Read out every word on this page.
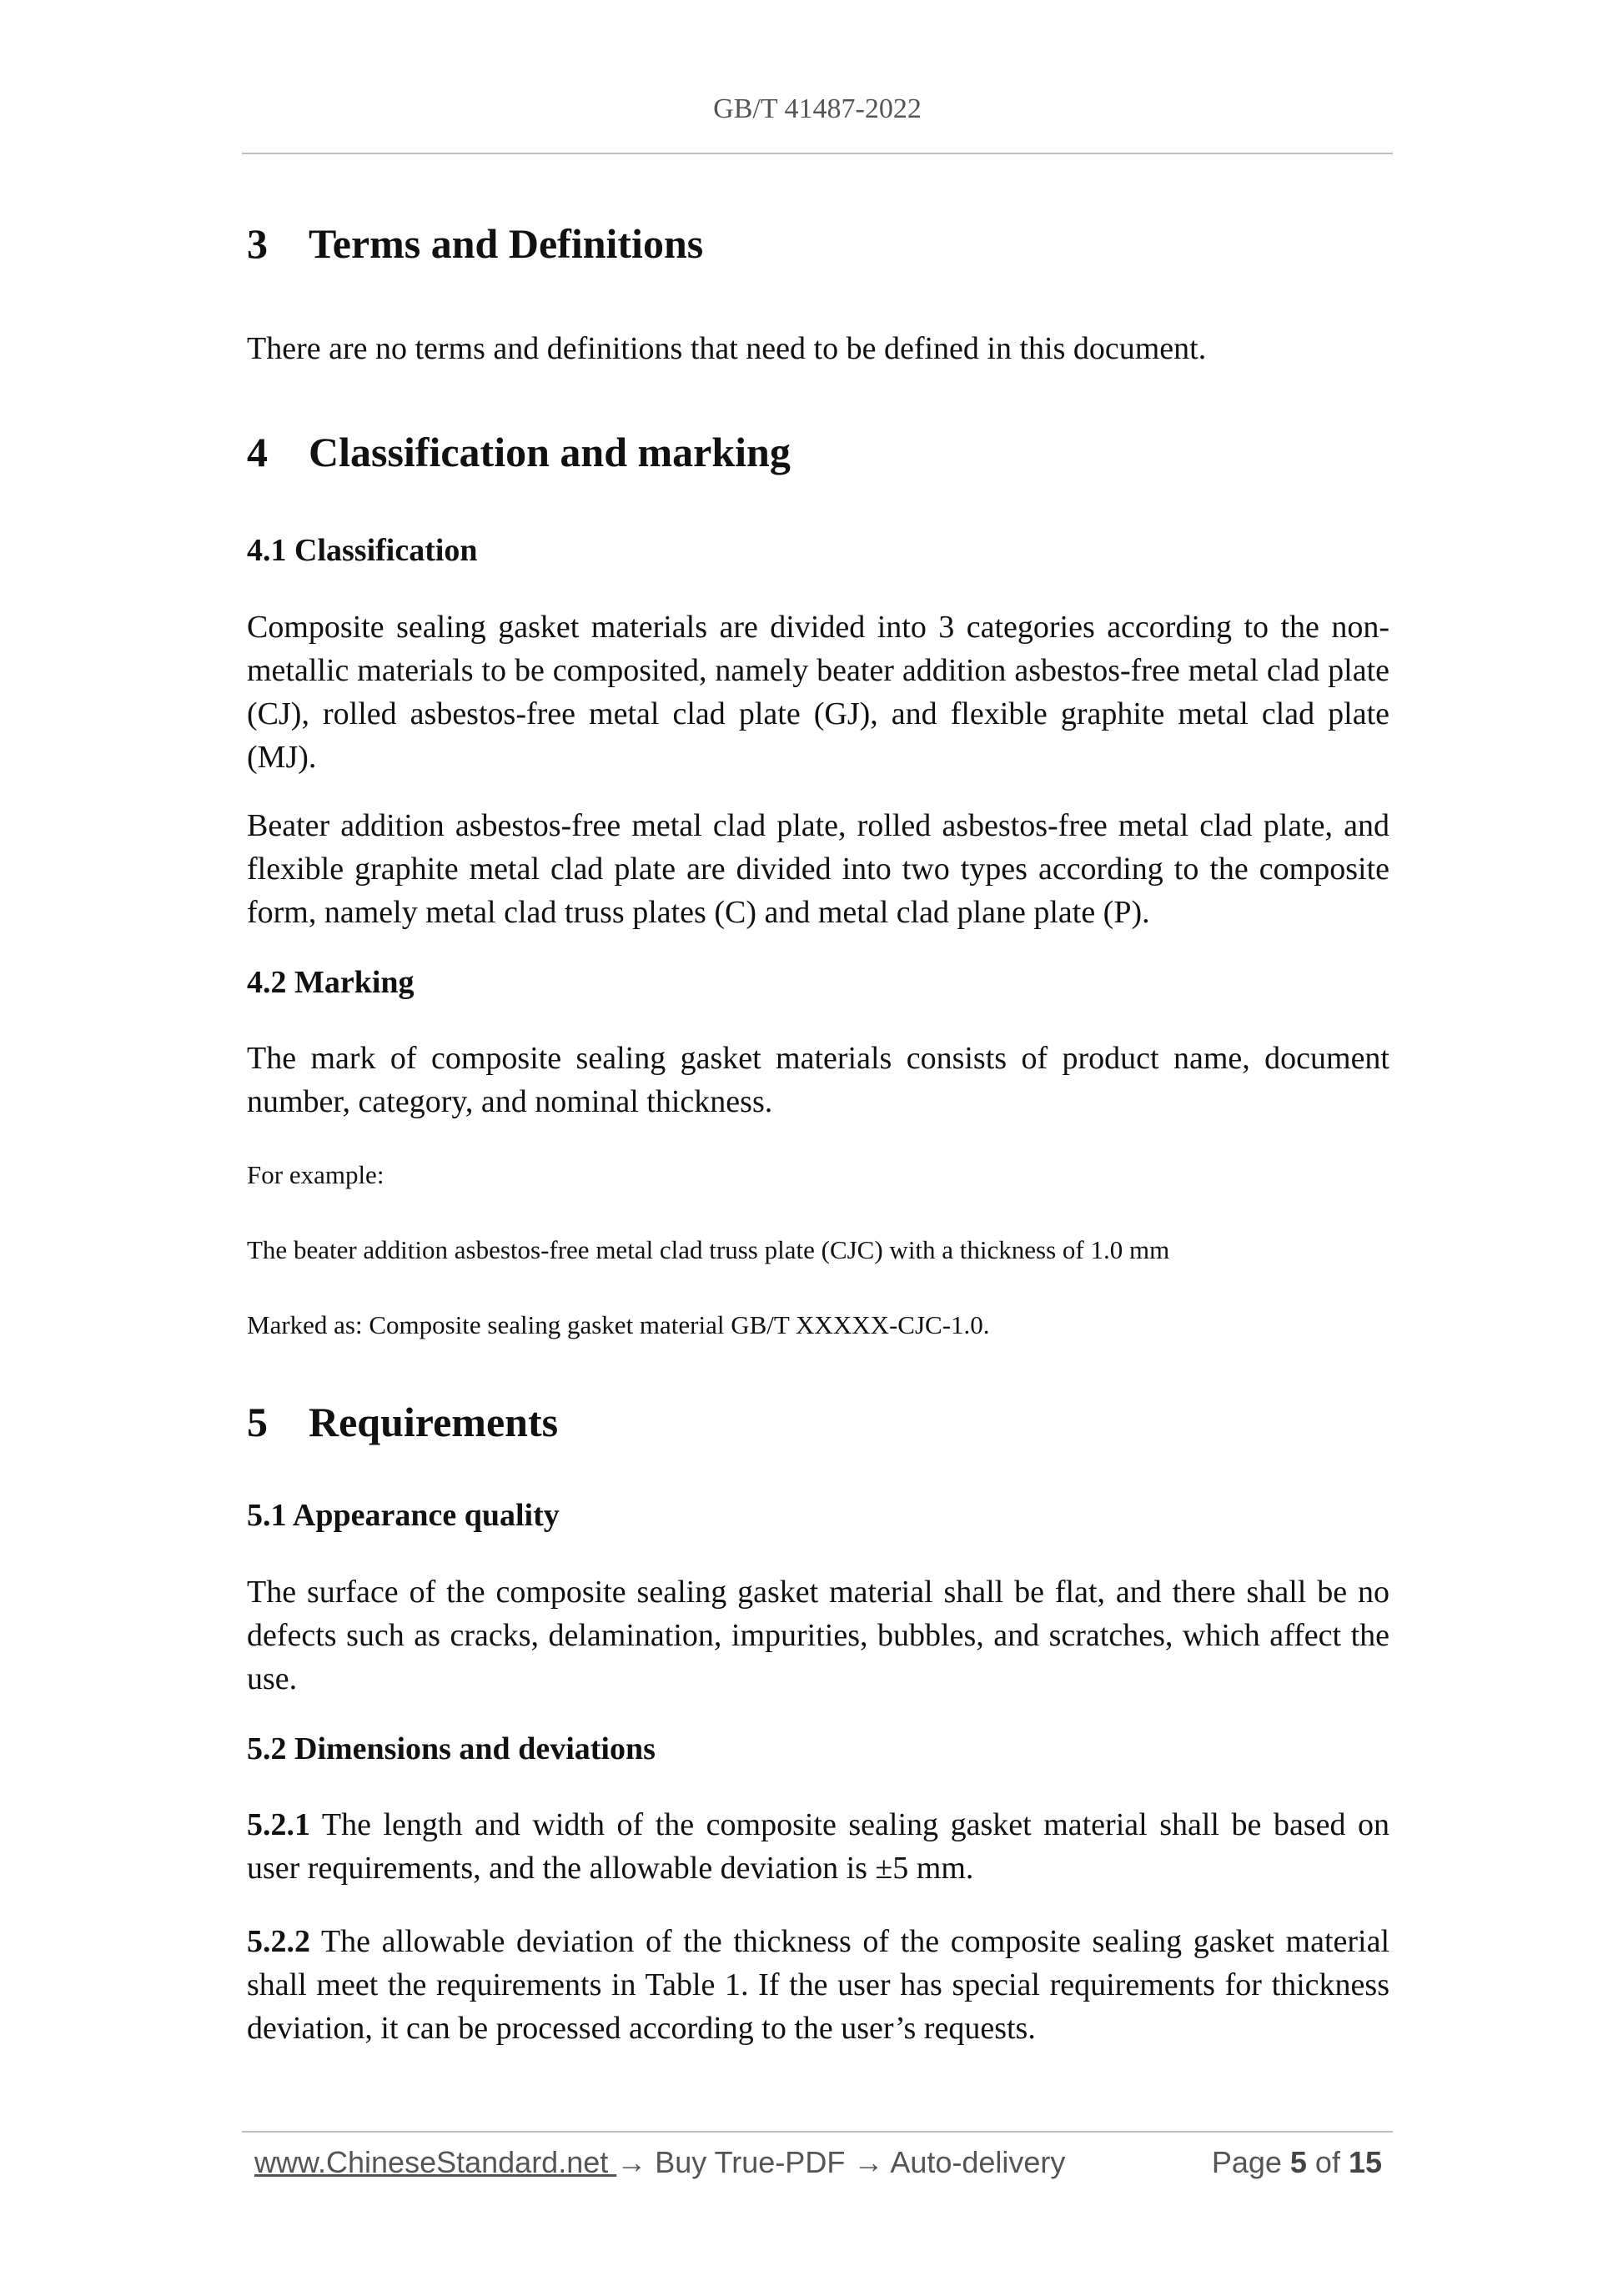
GB/T 41487-2022
3 Terms and Definitions

There are no terms and definitions that need to be defined in this document.

4 Classification and marking
4.1 Classification

Composite sealing gasket materials are divided into 3 categories according to the non-metallic materials to be composited, namely beater addition asbestos-free metal clad plate (CJ), rolled asbestos-free metal clad plate (GJ), and flexible graphite metal clad plate (MJ).

Beater addition asbestos-free metal clad plate, rolled asbestos-free metal clad plate, and flexible graphite metal clad plate are divided into two types according to the composite form, namely metal clad truss plates (C) and metal clad plane plate (P).

4.2 Marking

The mark of composite sealing gasket materials consists of product name, document number, category, and nominal thickness.

For example:

The beater addition asbestos-free metal clad truss plate (CJC) with a thickness of 1.0 mm

Marked as: Composite sealing gasket material GB/T XXXXX-CJC-1.0.

5 Requirements
5.1 Appearance quality

The surface of the composite sealing gasket material shall be flat, and there shall be no defects such as cracks, delamination, impurities, bubbles, and scratches, which affect the use.

5.2 Dimensions and deviations

5.2.1 The length and width of the composite sealing gasket material shall be based on user requirements, and the allowable deviation is ±5 mm.

5.2.2 The allowable deviation of the thickness of the composite sealing gasket material shall meet the requirements in Table 1. If the user has special requirements for thickness deviation, it can be processed according to the user’s requests.

www.ChineseStandard.net → Buy True-PDF → Auto-delivery	Page 5 of 15
